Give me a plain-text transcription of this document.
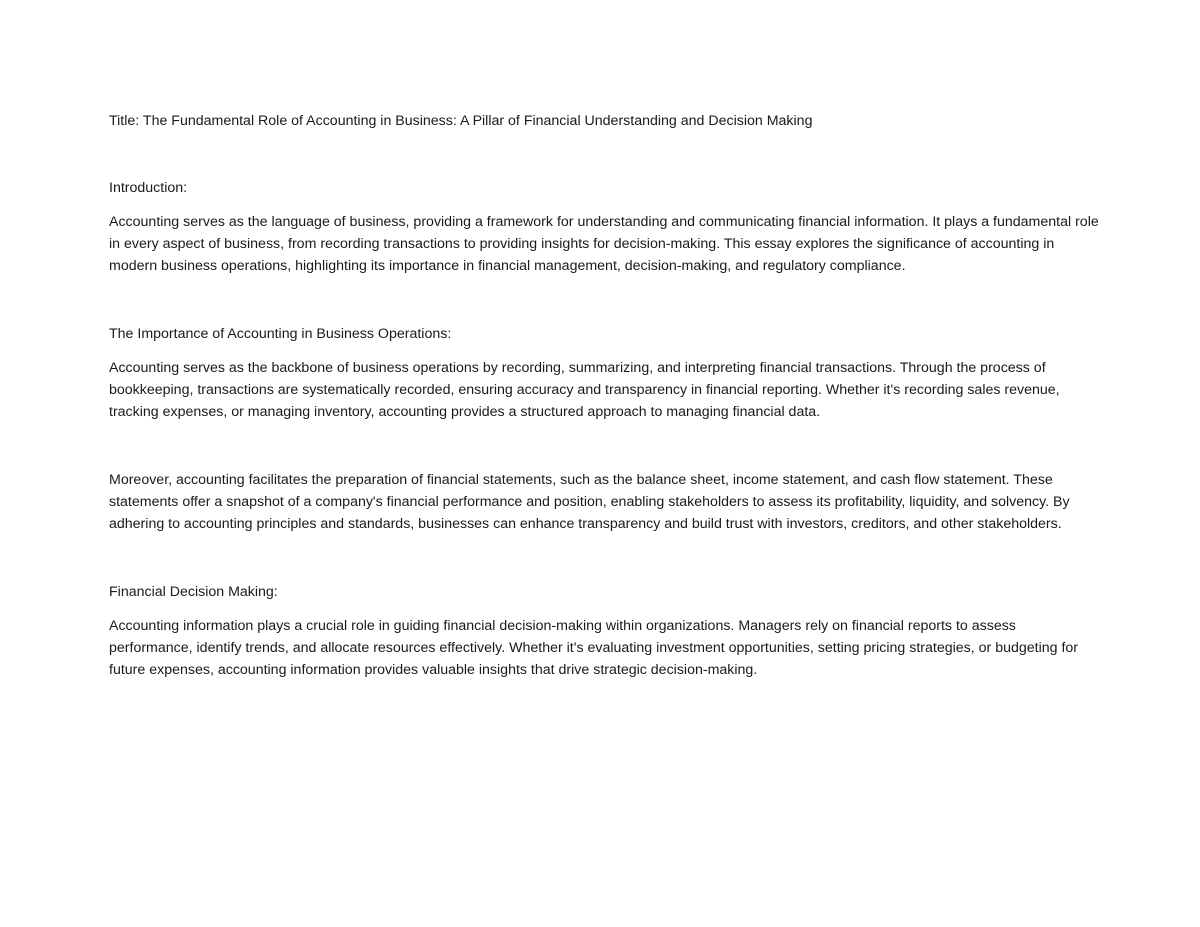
Title: The Fundamental Role of Accounting in Business: A Pillar of Financial Understanding and Decision Making

Introduction:

Accounting serves as the language of business, providing a framework for understanding and communicating financial information. It plays a fundamental role in every aspect of business, from recording transactions to providing insights for decision-making. This essay explores the significance of accounting in modern business operations, highlighting its importance in financial management, decision-making, and regulatory compliance.

The Importance of Accounting in Business Operations:

Accounting serves as the backbone of business operations by recording, summarizing, and interpreting financial transactions. Through the process of bookkeeping, transactions are systematically recorded, ensuring accuracy and transparency in financial reporting. Whether it's recording sales revenue, tracking expenses, or managing inventory, accounting provides a structured approach to managing financial data.

Moreover, accounting facilitates the preparation of financial statements, such as the balance sheet, income statement, and cash flow statement. These statements offer a snapshot of a company's financial performance and position, enabling stakeholders to assess its profitability, liquidity, and solvency. By adhering to accounting principles and standards, businesses can enhance transparency and build trust with investors, creditors, and other stakeholders.

Financial Decision Making:

Accounting information plays a crucial role in guiding financial decision-making within organizations. Managers rely on financial reports to assess performance, identify trends, and allocate resources effectively. Whether it's evaluating investment opportunities, setting pricing strategies, or budgeting for future expenses, accounting information provides valuable insights that drive strategic decision-making.
